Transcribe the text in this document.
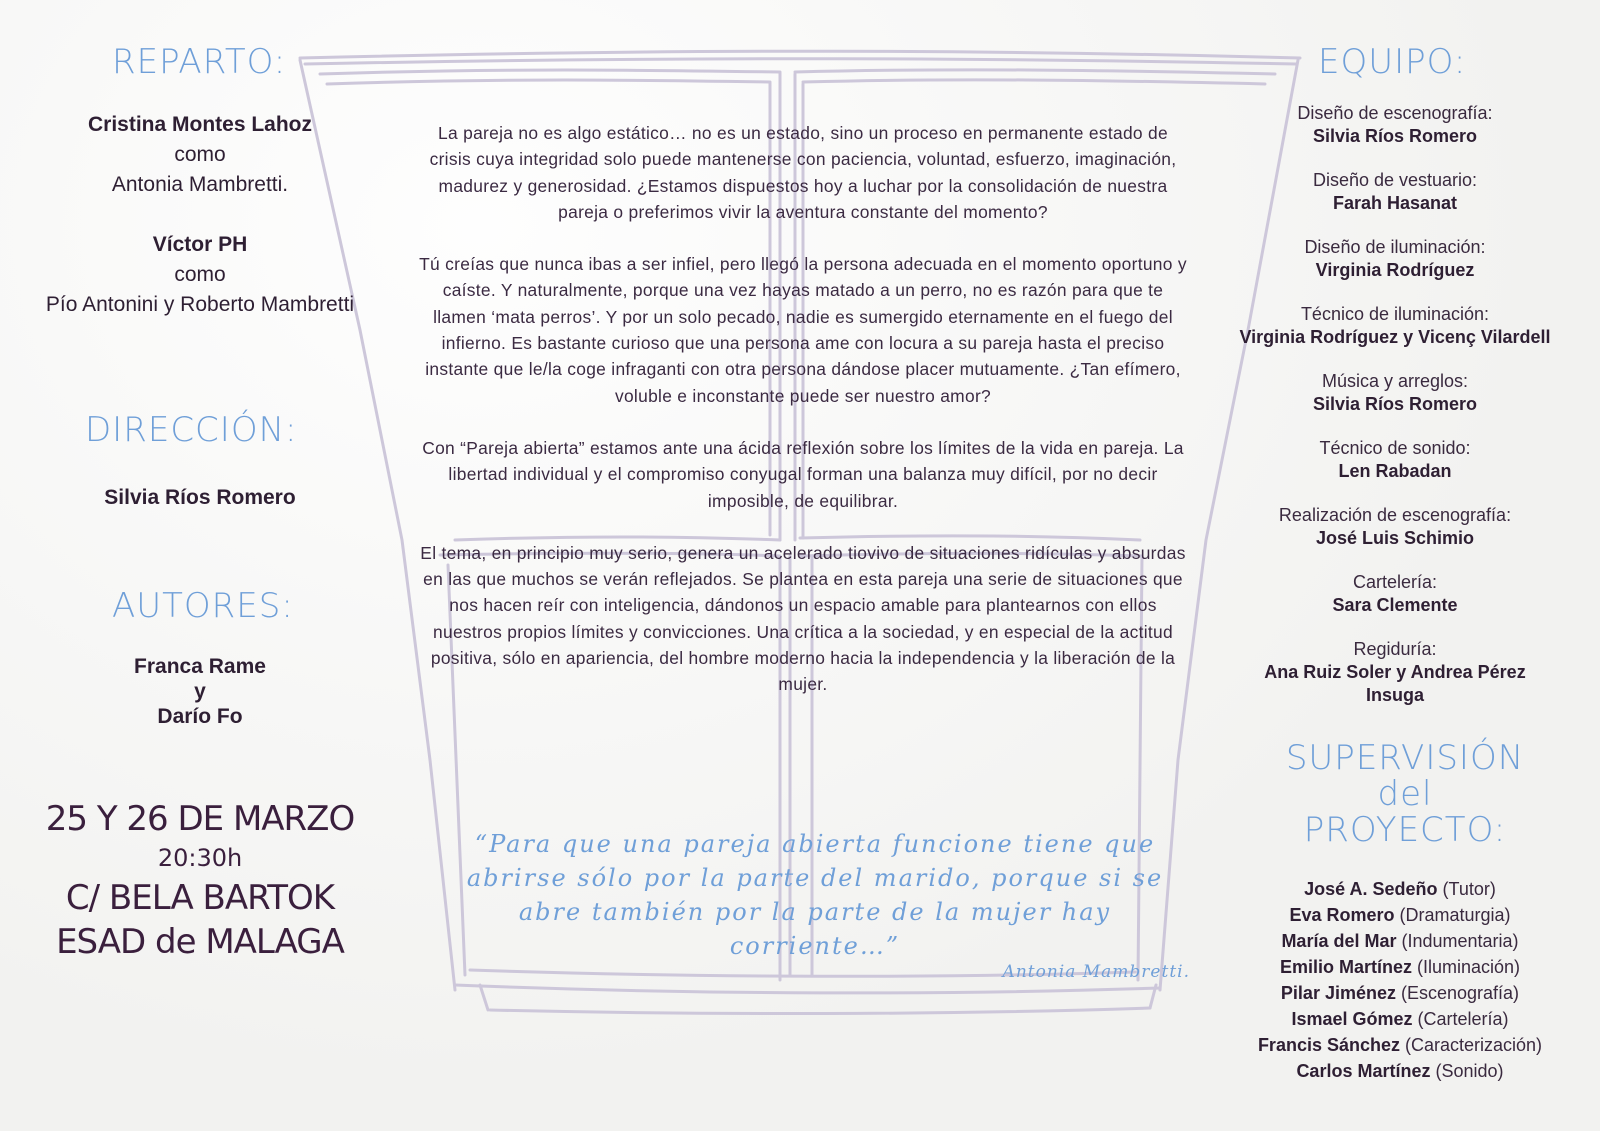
REPARTO:
Cristina Montes Lahoz
como
Antonia Mambretti.
Víctor PH
como
Pío Antonini y Roberto Mambretti
DIRECCIÓN:
Silvia Ríos Romero
AUTORES:
Franca Rame
y
Darío Fo
25 Y 26 DE MARZO
20:30h
C/ BELA BARTOK
ESAD de MALAGA

La pareja no es algo estático… no es un estado, sino un proceso en permanente estado de crisis cuya integridad solo puede mantenerse con paciencia, voluntad, esfuerzo, imaginación, madurez y generosidad. ¿Estamos dispuestos hoy a luchar por la consolidación de nuestra pareja o preferimos vivir la aventura constante del momento?

Tú creías que nunca ibas a ser infiel, pero llegó la persona adecuada en el momento oportuno y caíste. Y naturalmente, porque una vez hayas matado a un perro, no es razón para que te llamen ‘mata perros’. Y por un solo pecado, nadie es sumergido eternamente en el fuego del infierno. Es bastante curioso que una persona ame con locura a su pareja hasta el preciso instante que le/la coge infraganti con otra persona dándose placer mutuamente. ¿Tan efímero, voluble e inconstante puede ser nuestro amor?

Con “Pareja abierta” estamos ante una ácida reflexión sobre los límites de la vida en pareja. La libertad individual y el compromiso conyugal forman una balanza muy difícil, por no decir imposible, de equilibrar.

El tema, en principio muy serio, genera un acelerado tiovivo de situaciones ridículas y absurdas en las que muchos se verán reflejados. Se plantea en esta pareja una serie de situaciones que nos hacen reír con inteligencia, dándonos un espacio amable para plantearnos con ellos nuestros propios límites y convicciones. Una crítica a la sociedad, y en especial de la actitud positiva, sólo en apariencia, del hombre moderno hacia la independencia y la liberación de la mujer.

“Para que una pareja abierta funcione tiene que abrirse sólo por la parte del marido, porque si se abre también por la parte de la mujer hay corriente…”
Antonia Mambretti.
EQUIPO:
Diseño de escenografía:
Silvia Ríos Romero
Diseño de vestuario:
Farah Hasanat
Diseño de iluminación:
Virginia Rodríguez
Técnico de iluminación:
Virginia Rodríguez y Vicenç Vilardell
Música y arreglos:
Silvia Ríos Romero
Técnico de sonido:
Len Rabadan
Realización de escenografía:
José Luis Schimio
Cartelería:
Sara Clemente
Regiduría:
Ana Ruiz Soler y Andrea Pérez Insuga
SUPERVISIÓN
del
PROYECTO:
José A. Sedeño (Tutor)
Eva Romero (Dramaturgia)
María del Mar (Indumentaria)
Emilio Martínez (Iluminación)
Pilar Jiménez (Escenografía)
Ismael Gómez (Cartelería)
Francis Sánchez (Caracterización)
Carlos Martínez (Sonido)
